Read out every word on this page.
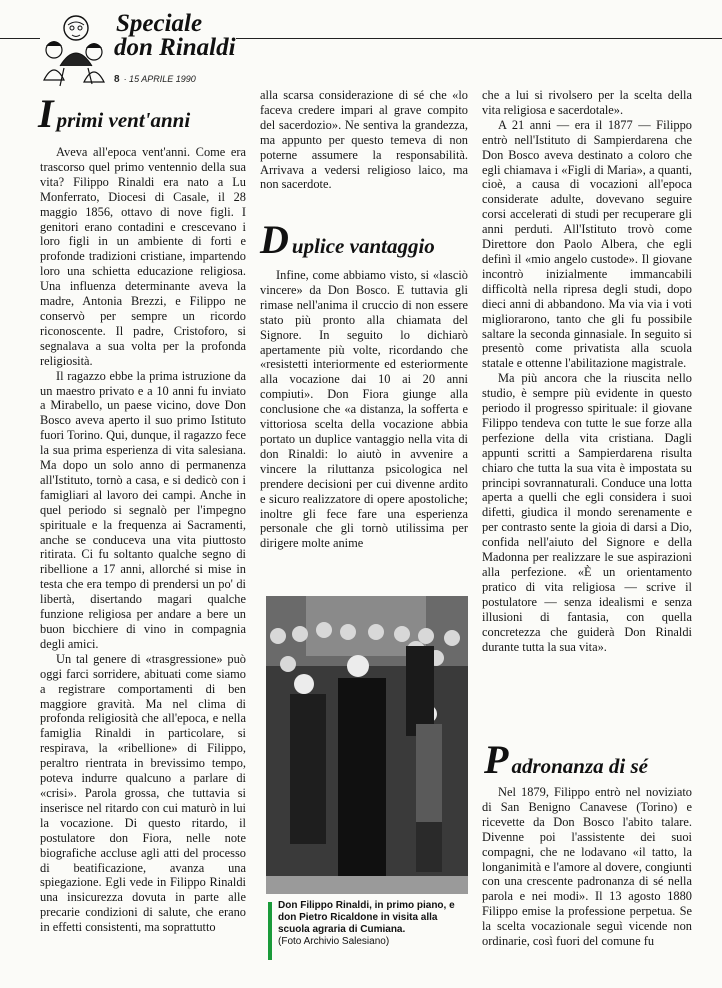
Speciale
don Rinaldi
8 · 15 APRILE 1990
I primi vent'anni

Aveva all'epoca vent'anni. Come era trascorso quel primo ventennio della sua vita? Filippo Rinaldi era nato a Lu Monferrato, Diocesi di Casale, il 28 maggio 1856, ottavo di nove figli. I genitori erano contadini e crescevano i loro figli in un ambiente di forti e profonde tradizioni cristiane, impartendo loro una schietta educazione religiosa. Una influenza determinante aveva la madre, Antonia Brezzi, e Filippo ne conservò per sempre un ricordo riconoscente. Il padre, Cristoforo, si segnalava a sua volta per la profonda religiosità.

Il ragazzo ebbe la prima istruzione da un maestro privato e a 10 anni fu inviato a Mirabello, un paese vicino, dove Don Bosco aveva aperto il suo primo Istituto fuori Torino. Qui, dunque, il ragazzo fece la sua prima esperienza di vita salesiana. Ma dopo un solo anno di permanenza all'Istituto, tornò a casa, e si dedicò con i famigliari al lavoro dei campi. Anche in quel periodo si segnalò per l'impegno spirituale e la frequenza ai Sacramenti, anche se conduceva una vita piuttosto ritirata. Ci fu soltanto qualche segno di ribellione a 17 anni, allorché si mise in testa che era tempo di prendersi un po' di libertà, disertando magari qualche funzione religiosa per andare a bere un buon bicchiere di vino in compagnia degli amici.

Un tal genere di «trasgressione» può oggi farci sorridere, abituati come siamo a registrare comportamenti di ben maggiore gravità. Ma nel clima di profonda religiosità che all'epoca, e nella famiglia Rinaldi in particolare, si respirava, la «ribellione» di Filippo, peraltro rientrata in brevissimo tempo, poteva indurre qualcuno a parlare di «crisi». Parola grossa, che tuttavia si inserisce nel ritardo con cui maturò in lui la vocazione. Di questo ritardo, il postulatore don Fiora, nelle note biografiche accluse agli atti del processo di beatificazione, avanza una spiegazione. Egli vede in Filippo Rinaldi una insicurezza dovuta in parte alle precarie condizioni di salute, che erano in effetti consistenti, ma soprattutto

alla scarsa considerazione di sé che «lo faceva credere impari al grave compito del sacerdozio». Ne sentiva la grandezza, ma appunto per questo temeva di non poterne assumere la responsabilità. Arrivava a vedersi religioso laico, ma non sacerdote.

D uplice vantaggio

Infine, come abbiamo visto, si «lasciò vincere» da Don Bosco. E tuttavia gli rimase nell'anima il cruccio di non essere stato più pronto alla chiamata del Signore. In seguito lo dichiarò apertamente più volte, ricordando che «resistetti interiormente ed esteriormente alla vocazione dai 10 ai 20 anni compiuti». Don Fiora giunge alla conclusione che «a distanza, la sofferta e vittoriosa scelta della vocazione abbia portato un duplice vantaggio nella vita di don Rinaldi: lo aiutò in avvenire a vincere la riluttanza psicologica nel prendere decisioni per cui divenne ardito e sicuro realizzatore di opere apostoliche; inoltre gli fece fare una esperienza personale che gli tornò utilissima per dirigere molte anime

Don Filippo Rinaldi, in primo piano, e don Pietro Ricaldone in visita alla scuola agraria di Cumiana.
(Foto Archivio Salesiano)

che a lui si rivolsero per la scelta della vita religiosa e sacerdotale».

A 21 anni — era il 1877 — Filippo entrò nell'Istituto di Sampierdarena che Don Bosco aveva destinato a coloro che egli chiamava i «Figli di Maria», a quanti, cioè, a causa di vocazioni all'epoca considerate adulte, dovevano seguire corsi accelerati di studi per recuperare gli anni perduti. All'Istituto trovò come Direttore don Paolo Albera, che egli definì il «mio angelo custode». Il giovane incontrò inizialmente immancabili difficoltà nella ripresa degli studi, dopo dieci anni di abbandono. Ma via via i voti miglioraron﻿o, tanto che gli fu possibile saltare la seconda ginnasiale. In seguito si presentò come privatista alla scuola statale e ottenne l'abilitazione magistrale.

Ma più ancora che la riuscita nello studio, è sempre più evidente in questo periodo il progresso spirituale: il giovane Filippo tendeva con tutte le sue forze alla perfezione della vita cristiana. Dagli appunti scritti a Sampierdarena risulta chiaro che tutta la sua vita è impostata su principi sovrannaturali. Conduce una lotta aperta a quelli che egli considera i suoi difetti, giudica il mondo serenamente e per contrasto sente la gioia di darsi a Dio, confida nell'aiuto del Signore e della Madonna per realizzare le sue aspirazioni alla perfezione. «È un orientamento pratico di vita religiosa — scrive il postulatore — senza idealismi e senza illusioni di fantasia, con quella concretezza che guiderà Don Rinaldi durante tutta la sua vita».

P adronanza di sé

Nel 1879, Filippo entrò nel noviziato di San Benigno Canavese (Torino) e ricevette da Don Bosco l'abito talare. Divenne poi l'assistente dei suoi compagni, che ne lodavano «il tatto, la longanimità e l'amore al dovere, congiunti con una crescente padronanza di sé nella parola e nei modi». Il 13 agosto 1880 Filippo emise la professione perpetua. Se la scelta vocazionale seguì vicende non ordinarie, così fuori del comune fu
